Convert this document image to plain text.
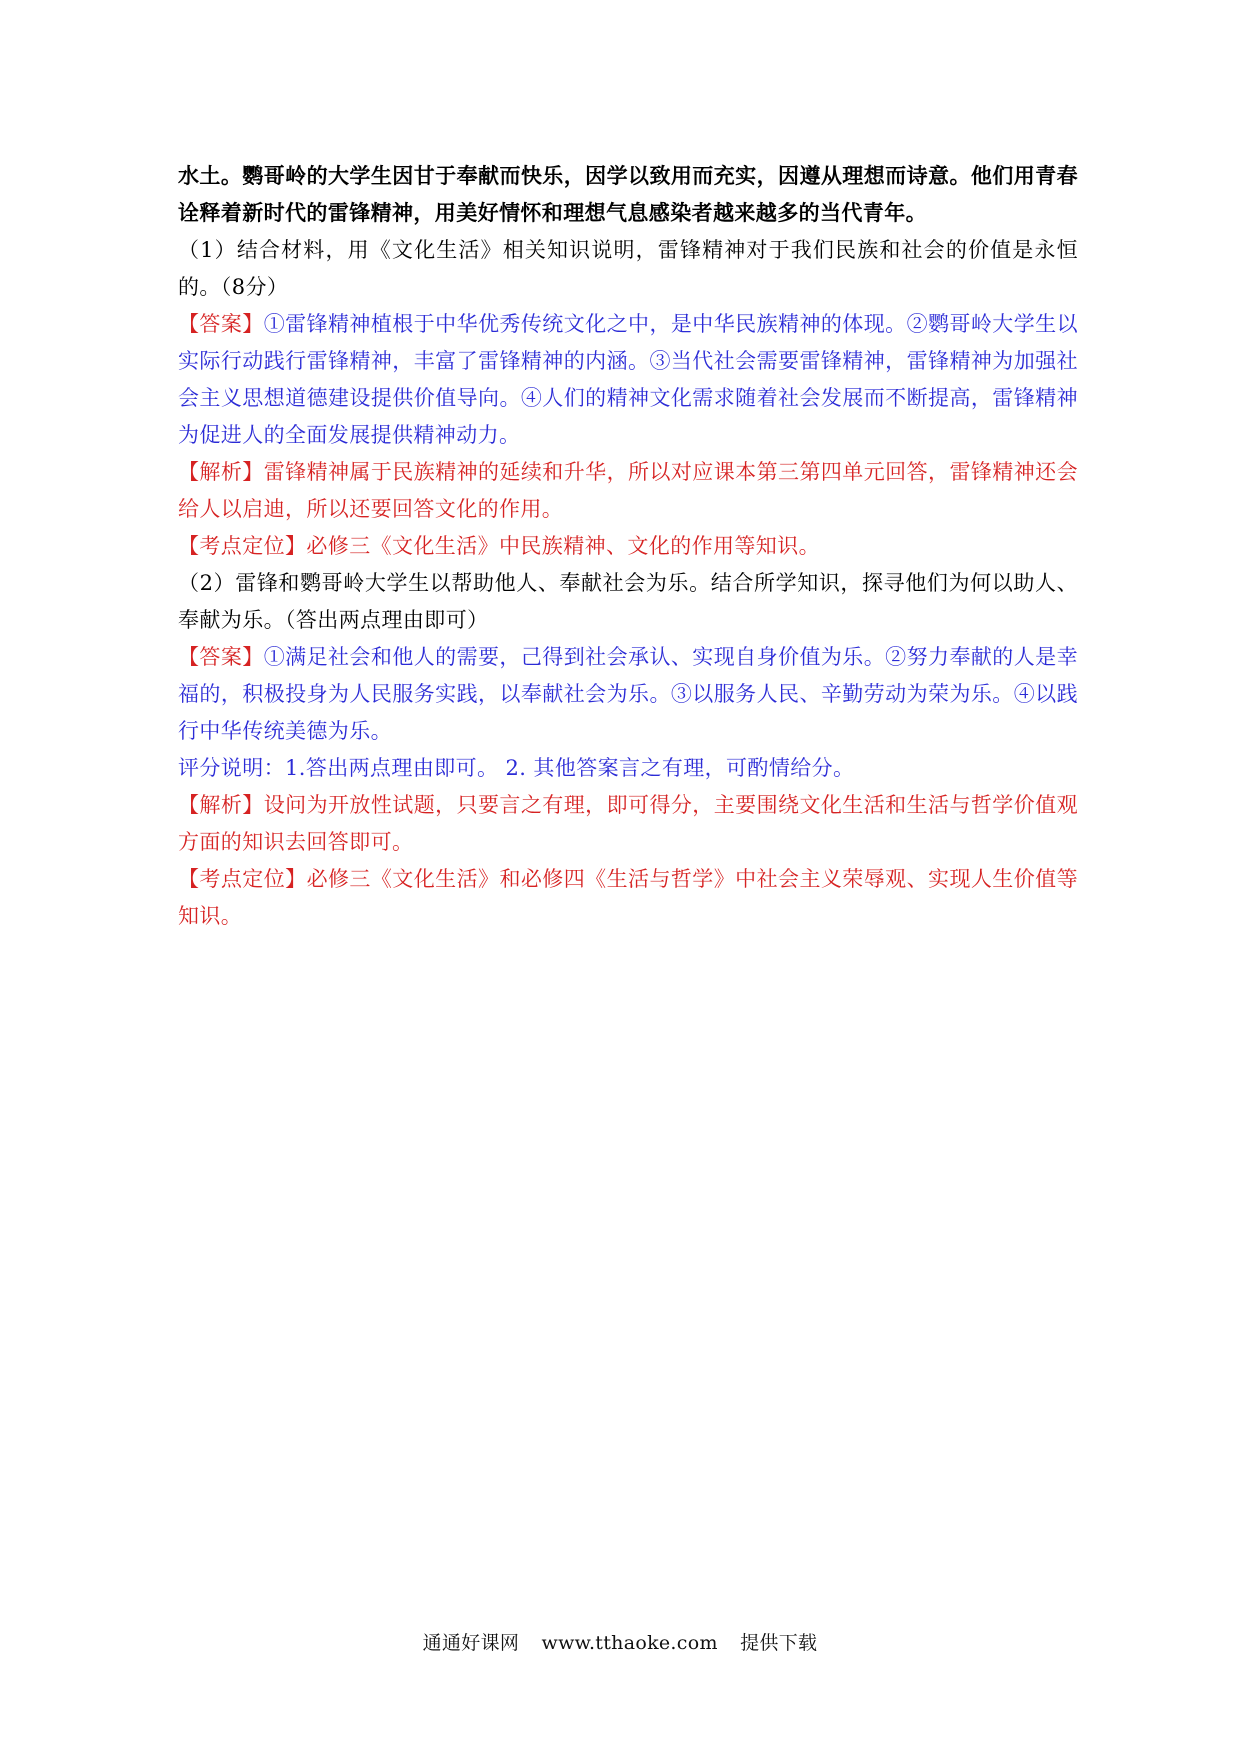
水土。鹦哥岭的大学生因甘于奉献而快乐，因学以致用而充实，因遵从理想而诗意。他们用青春诠释着新时代的雷锋精神，用美好情怀和理想气息感染者越来越多的当代青年。

（1）结合材料，用《文化生活》相关知识说明，雷锋精神对于我们民族和社会的价值是永恒的。（8分）

【答案】①雷锋精神植根于中华优秀传统文化之中，是中华民族精神的体现。②鹦哥岭大学生以实际行动践行雷锋精神，丰富了雷锋精神的内涵。③当代社会需要雷锋精神，雷锋精神为加强社会主义思想道德建设提供价值导向。④人们的精神文化需求随着社会发展而不断提高，雷锋精神为促进人的全面发展提供精神动力。

【解析】雷锋精神属于民族精神的延续和升华，所以对应课本第三第四单元回答，雷锋精神还会给人以启迪，所以还要回答文化的作用。

【考点定位】必修三《文化生活》中民族精神、文化的作用等知识。

（2）雷锋和鹦哥岭大学生以帮助他人、奉献社会为乐。结合所学知识，探寻他们为何以助人、奉献为乐。（答出两点理由即可）

【答案】①满足社会和他人的需要，己得到社会承认、实现自身价值为乐。②努力奉献的人是幸福的，积极投身为人民服务实践，以奉献社会为乐。③以服务人民、辛勤劳动为荣为乐。④以践行中华传统美德为乐。

评分说明：1.答出两点理由即可。 2. 其他答案言之有理，可酌情给分。

【解析】设问为开放性试题，只要言之有理，即可得分，主要围绕文化生活和生活与哲学价值观方面的知识去回答即可。

【考点定位】必修三《文化生活》和必修四《生活与哲学》中社会主义荣辱观、实现人生价值等知识。

通通好课网 www.tthaoke.com 提供下载
